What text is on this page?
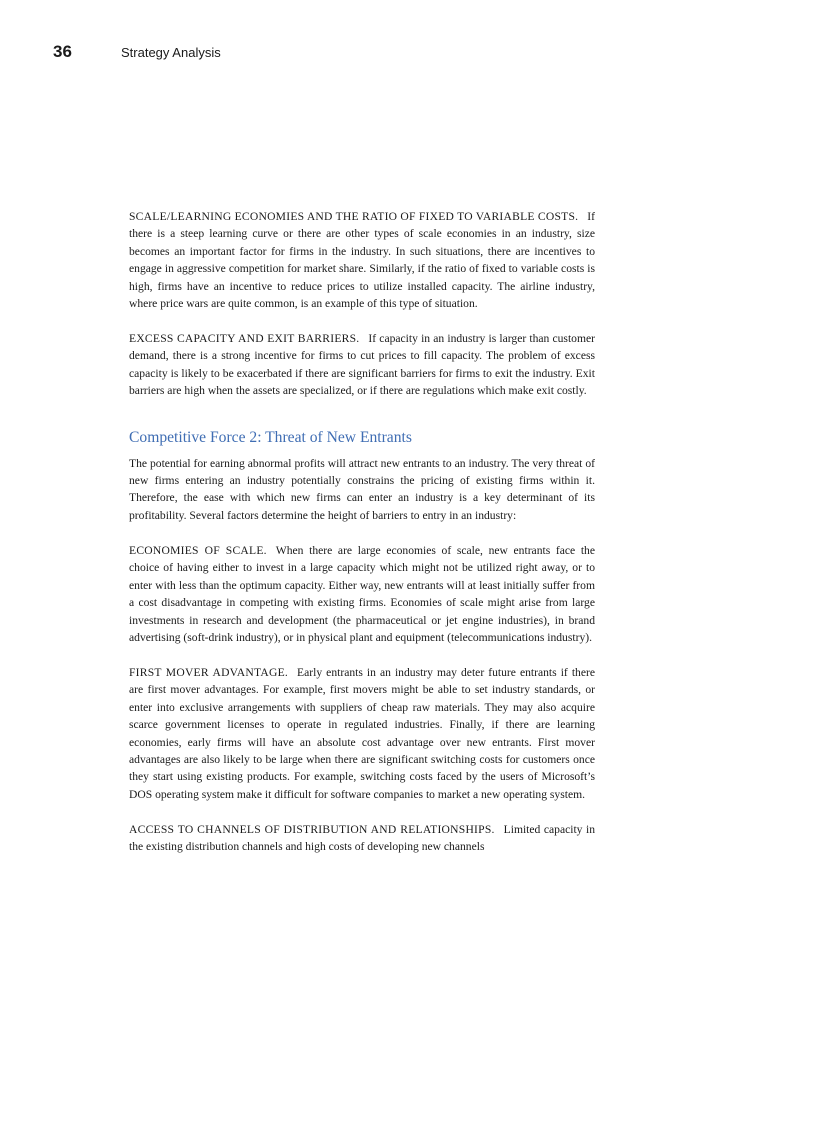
36	Strategy Analysis

SCALE/LEARNING ECONOMIES AND THE RATIO OF FIXED TO VARIABLE COSTS. If there is a steep learning curve or there are other types of scale economies in an industry, size becomes an important factor for firms in the industry. In such situations, there are incentives to engage in aggressive competition for market share. Similarly, if the ratio of fixed to variable costs is high, firms have an incentive to reduce prices to utilize installed capacity. The airline industry, where price wars are quite common, is an example of this type of situation.

EXCESS CAPACITY AND EXIT BARRIERS. If capacity in an industry is larger than customer demand, there is a strong incentive for firms to cut prices to fill capacity. The problem of excess capacity is likely to be exacerbated if there are significant barriers for firms to exit the industry. Exit barriers are high when the assets are specialized, or if there are regulations which make exit costly.

Competitive Force 2: Threat of New Entrants

The potential for earning abnormal profits will attract new entrants to an industry. The very threat of new firms entering an industry potentially constrains the pricing of existing firms within it. Therefore, the ease with which new firms can enter an industry is a key determinant of its profitability. Several factors determine the height of barriers to entry in an industry:

ECONOMIES OF SCALE. When there are large economies of scale, new entrants face the choice of having either to invest in a large capacity which might not be utilized right away, or to enter with less than the optimum capacity. Either way, new entrants will at least initially suffer from a cost disadvantage in competing with existing firms. Economies of scale might arise from large investments in research and development (the pharmaceutical or jet engine industries), in brand advertising (soft-drink industry), or in physical plant and equipment (telecommunications industry).

FIRST MOVER ADVANTAGE. Early entrants in an industry may deter future entrants if there are first mover advantages. For example, first movers might be able to set industry standards, or enter into exclusive arrangements with suppliers of cheap raw materials. They may also acquire scarce government licenses to operate in regulated industries. Finally, if there are learning economies, early firms will have an absolute cost advantage over new entrants. First mover advantages are also likely to be large when there are significant switching costs for customers once they start using existing products. For example, switching costs faced by the users of Microsoft’s DOS operating system make it difficult for software companies to market a new operating system.

ACCESS TO CHANNELS OF DISTRIBUTION AND RELATIONSHIPS. Limited capacity in the existing distribution channels and high costs of developing new channels
